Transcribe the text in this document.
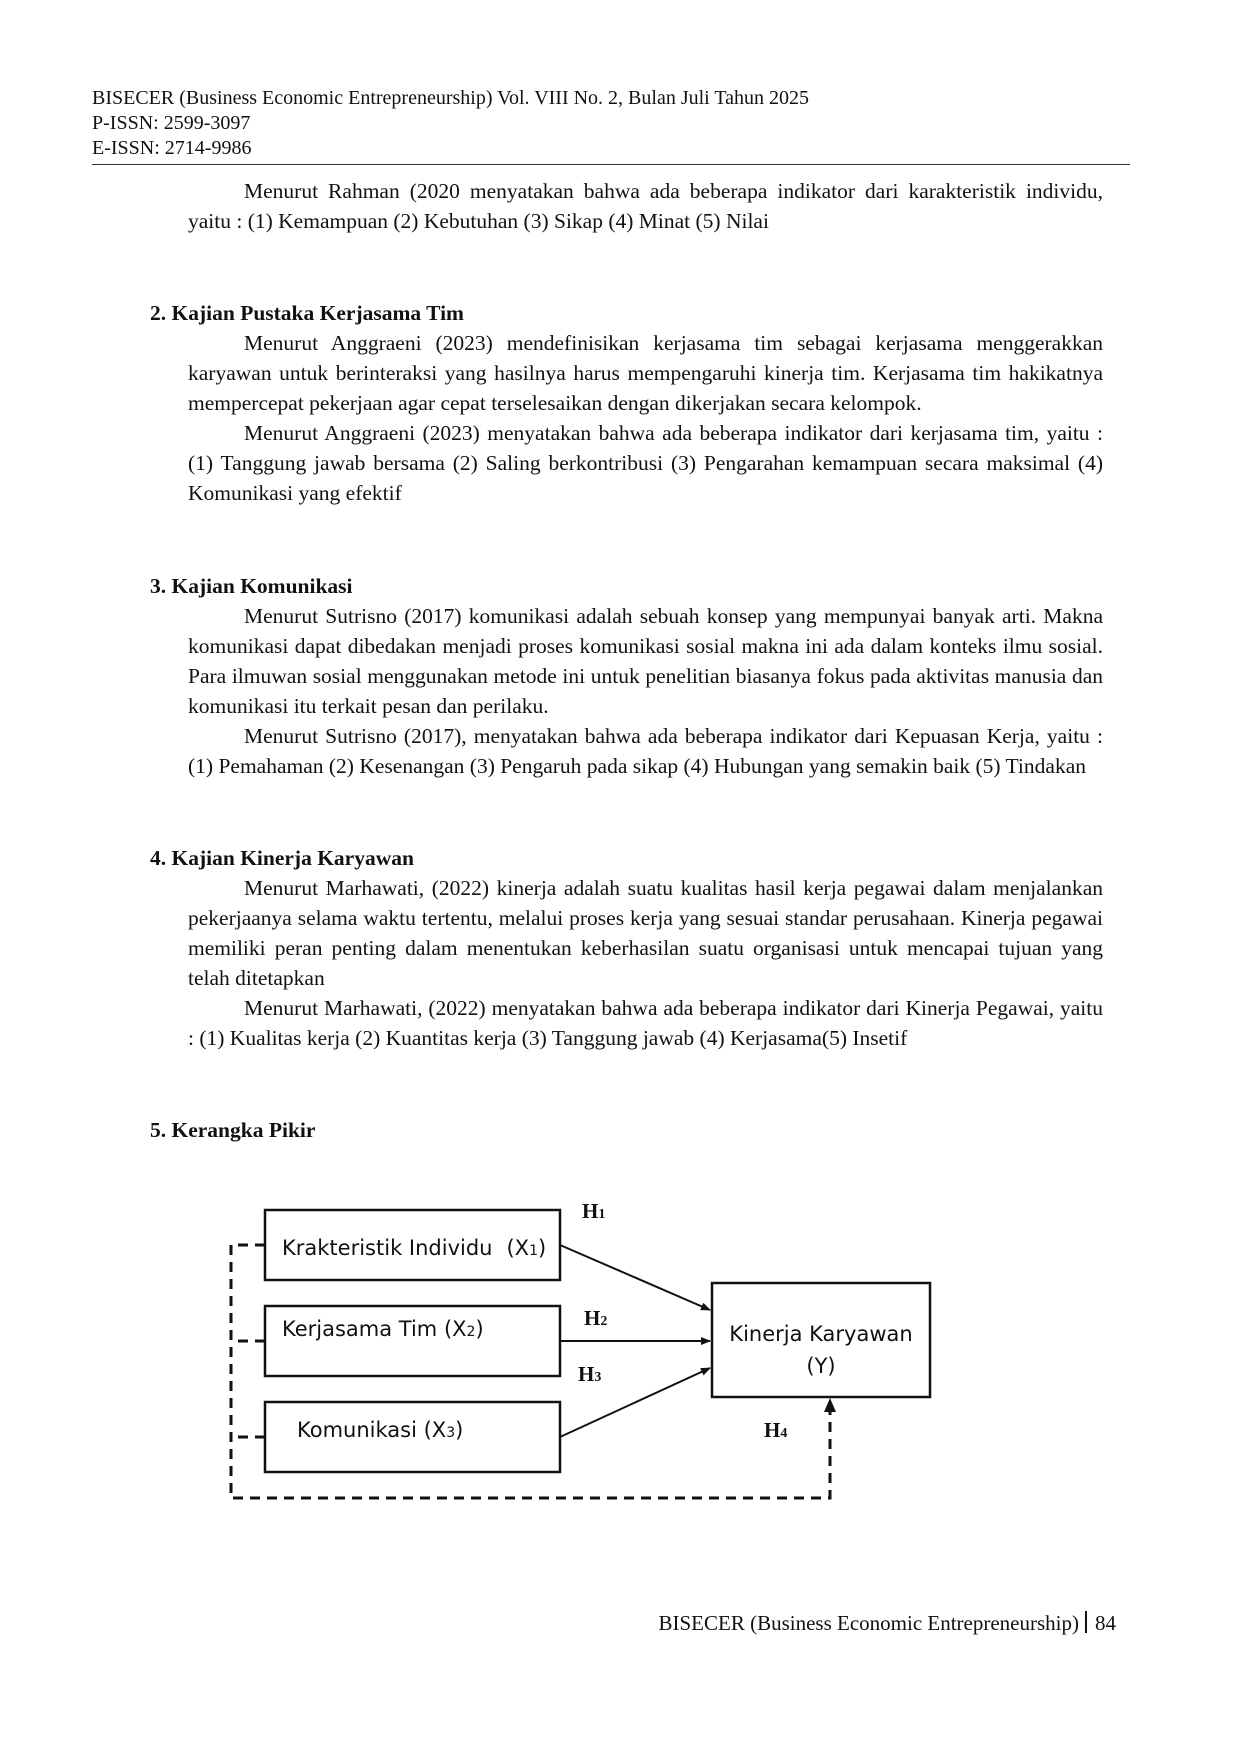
BISECER (Business Economic Entrepreneurship) Vol. VIII No. 2, Bulan Juli Tahun 2025
P-ISSN: 2599-3097
E-ISSN: 2714-9986

Menurut Rahman (2020 menyatakan bahwa ada beberapa indikator dari karakteristik individu, yaitu : (1) Kemampuan (2) Kebutuhan (3) Sikap (4) Minat (5) Nilai

2. Kajian Pustaka Kerjasama Tim

Menurut Anggraeni (2023) mendefinisikan kerjasama tim sebagai kerjasama menggerakkan karyawan untuk berinteraksi yang hasilnya harus mempengaruhi kinerja tim. Kerjasama tim hakikatnya mempercepat pekerjaan agar cepat terselesaikan dengan dikerjakan secara kelompok.

Menurut Anggraeni (2023) menyatakan bahwa ada beberapa indikator dari kerjasama tim, yaitu : (1) Tanggung jawab bersama (2) Saling berkontribusi (3) Pengarahan kemampuan secara maksimal (4) Komunikasi yang efektif

3. Kajian Komunikasi

Menurut Sutrisno (2017) komunikasi adalah sebuah konsep yang mempunyai banyak arti. Makna komunikasi dapat dibedakan menjadi proses komunikasi sosial makna ini ada dalam konteks ilmu sosial. Para ilmuwan sosial menggunakan metode ini untuk penelitian biasanya fokus pada aktivitas manusia dan komunikasi itu terkait pesan dan perilaku.

Menurut Sutrisno (2017), menyatakan bahwa ada beberapa indikator dari Kepuasan Kerja, yaitu : (1) Pemahaman (2) Kesenangan (3) Pengaruh pada sikap (4) Hubungan yang semakin baik (5) Tindakan

4. Kajian Kinerja Karyawan

Menurut Marhawati, (2022) kinerja adalah suatu kualitas hasil kerja pegawai dalam menjalankan pekerjaanya selama waktu tertentu, melalui proses kerja yang sesuai standar perusahaan. Kinerja pegawai memiliki peran penting dalam menentukan keberhasilan suatu organisasi untuk mencapai tujuan yang telah ditetapkan

Menurut Marhawati, (2022) menyatakan bahwa ada beberapa indikator dari Kinerja Pegawai, yaitu : (1) Kualitas kerja (2) Kuantitas kerja (3) Tanggung jawab (4) Kerjasama(5) Insetif

5. Kerangka Pikir
Krakteristik Individu (X1)
Kerjasama Tim (X2)
Komunikasi (X3)
Kinerja Karyawan
(Y)
H1
H2
H3
H4
BISECER (Business Economic Entrepreneurship) 84
